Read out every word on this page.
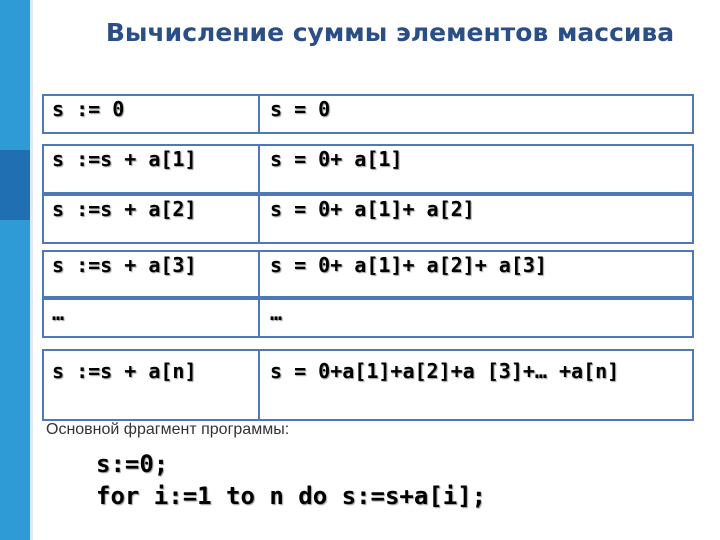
Вычисление суммы элементов массива
s := 0	s = 0
s :=s + a[1]	s = 0+ a[1]
s :=s + a[2]	s = 0+ a[1]+ a[2]
s :=s + a[3]	s = 0+ a[1]+ a[2]+ a[3]
…	…
s :=s + a[n]	s = 0+a[1]+a[2]+a [3]+… +a[n]
Основной фрагмент программы:
s:=0;
for i:=1 to n do s:=s+a[i];
